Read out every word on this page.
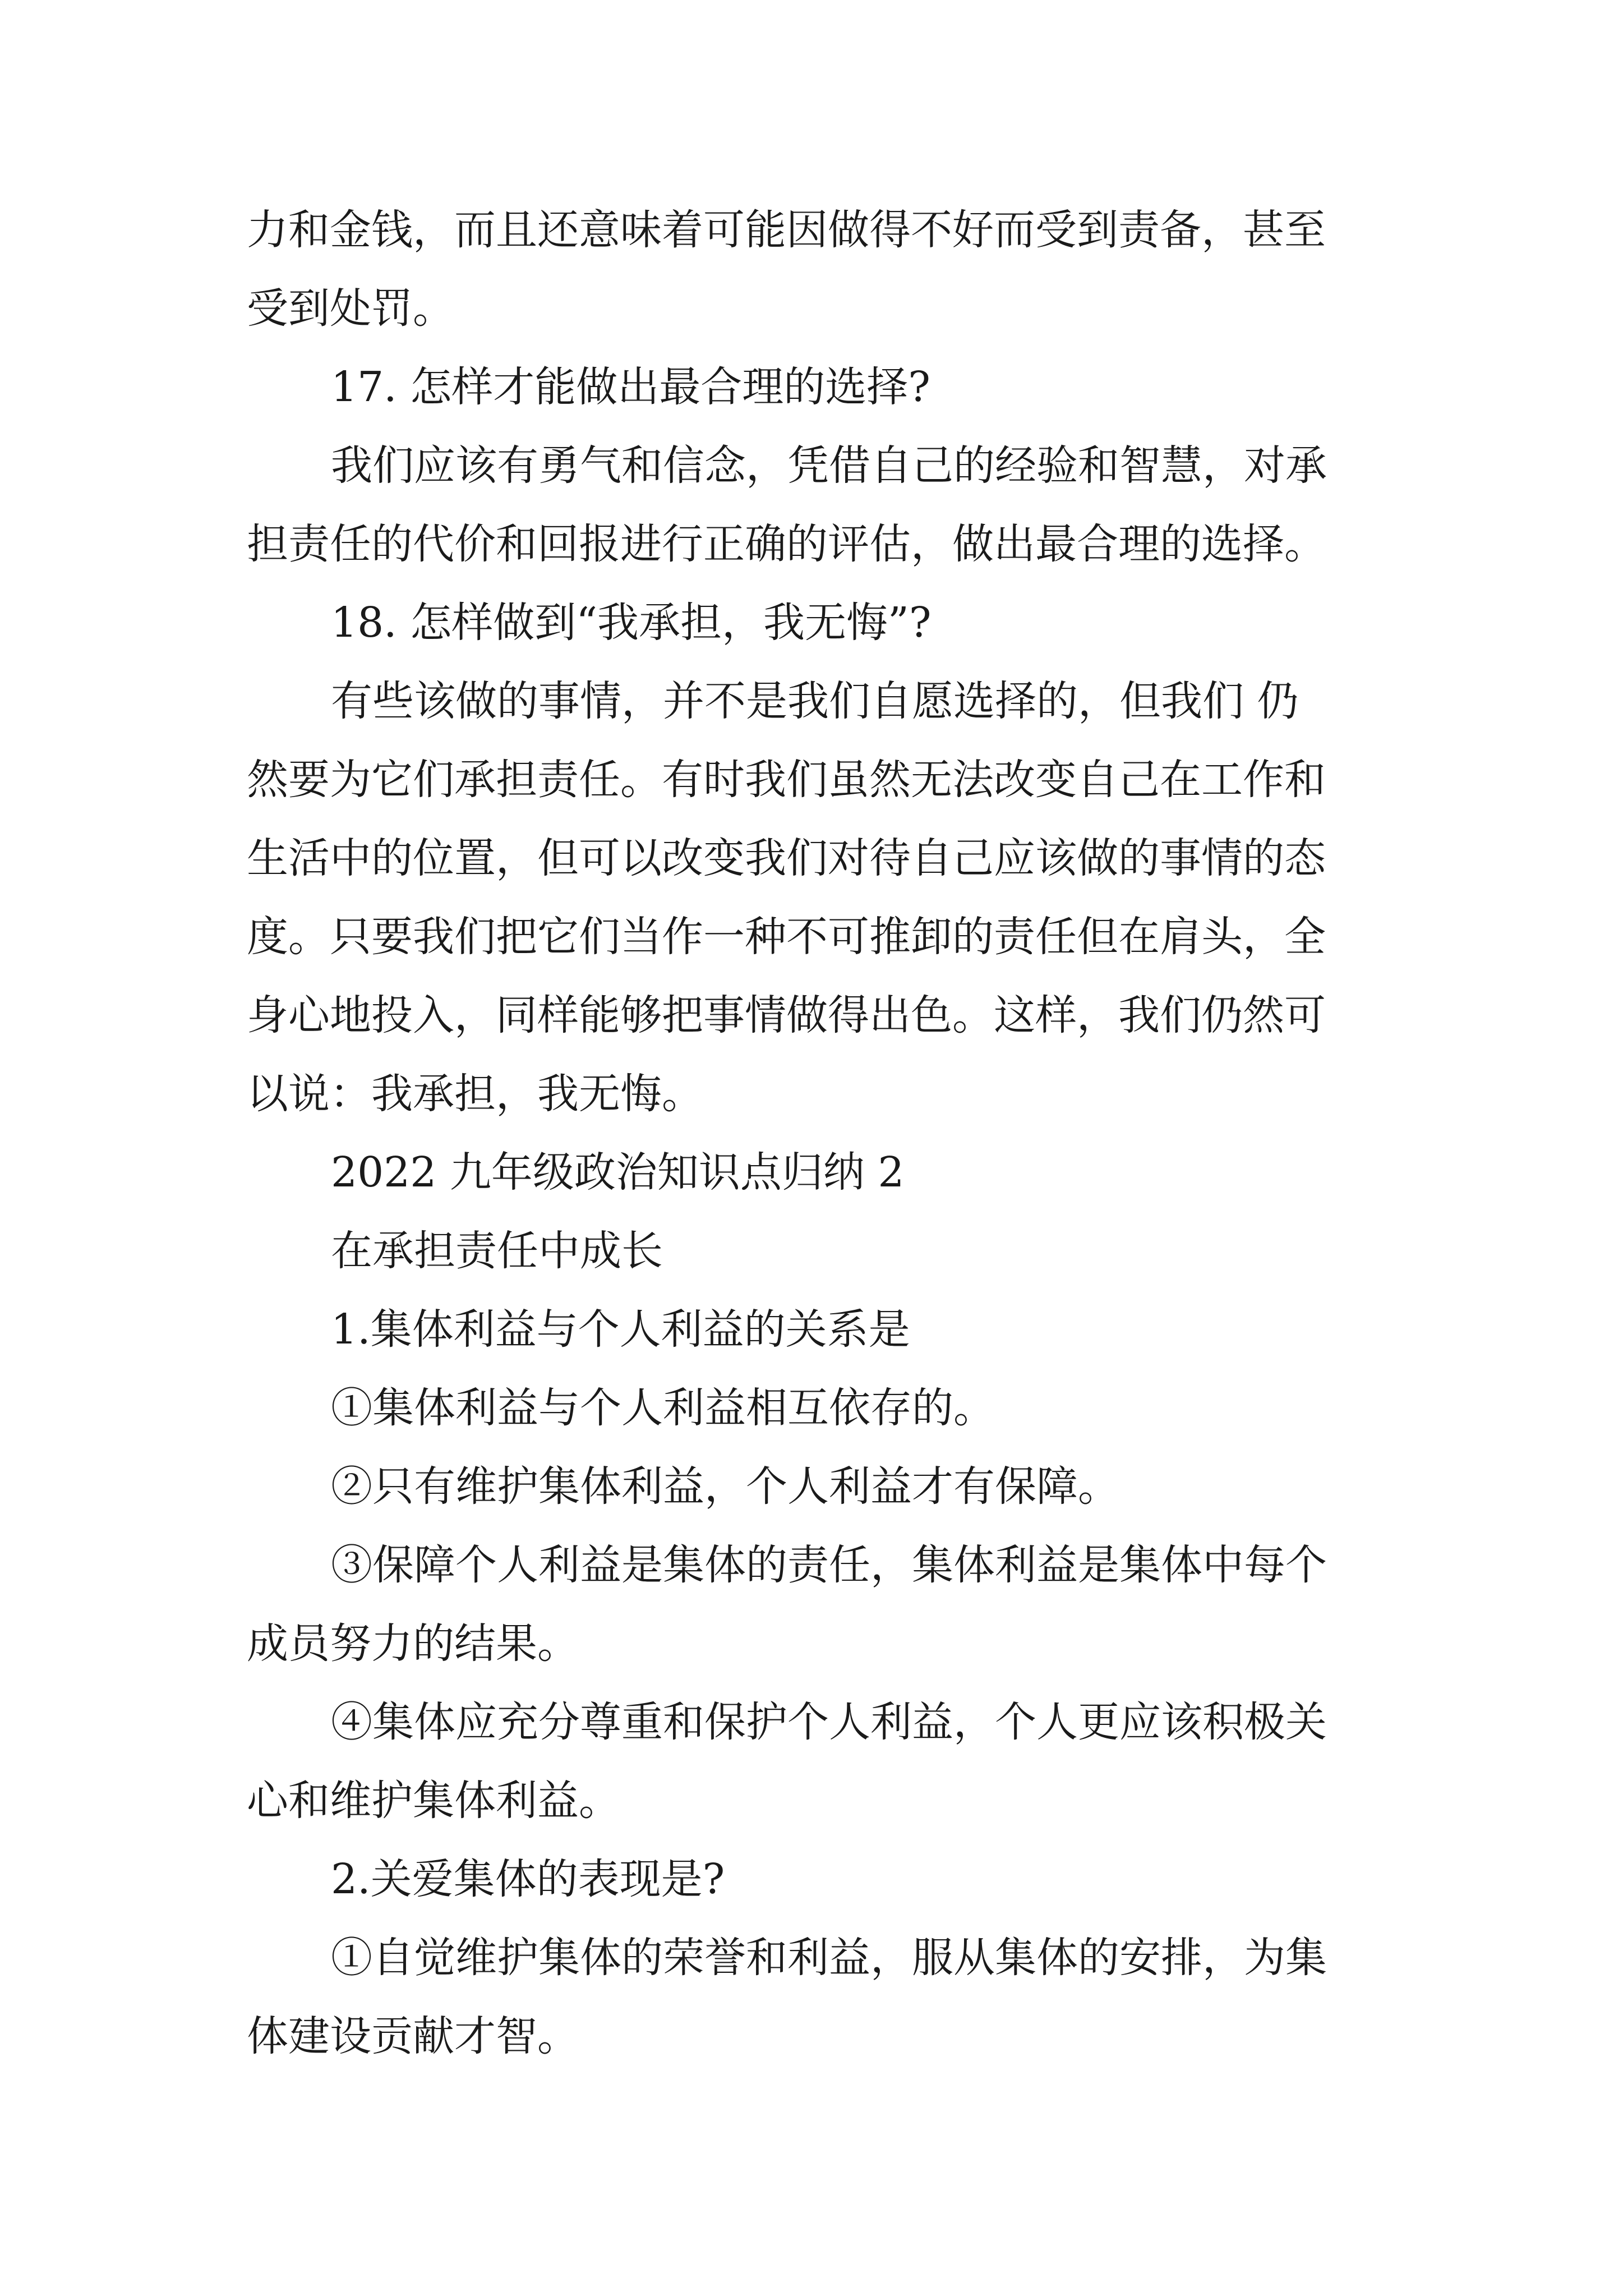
力和金钱，而且还意味着可能因做得不好而受到责备，甚至
受到处罚。
17. 怎样才能做出最合理的选择?
我们应该有勇气和信念，凭借自己的经验和智慧，对承
担责任的代价和回报进行正确的评估，做出最合理的选择。
18. 怎样做到“我承担，我无悔”?
有些该做的事情，并不是我们自愿选择的，但我们 仍
然要为它们承担责任。有时我们虽然无法改变自己在工作和
生活中的位置，但可以改变我们对待自己应该做的事情的态
度。只要我们把它们当作一种不可推卸的责任但在肩头，全
身心地投入，同样能够把事情做得出色。这样，我们仍然可
以说：我承担，我无悔。
2022 九年级政治知识点归纳 2
在承担责任中成长
1.集体利益与个人利益的关系是
①集体利益与个人利益相互依存的。
②只有维护集体利益，个人利益才有保障。
③保障个人利益是集体的责任，集体利益是集体中每个
成员努力的结果。
④集体应充分尊重和保护个人利益，个人更应该积极关
心和维护集体利益。
2.关爱集体的表现是?
①自觉维护集体的荣誉和利益，服从集体的安排，为集
体建设贡献才智。
